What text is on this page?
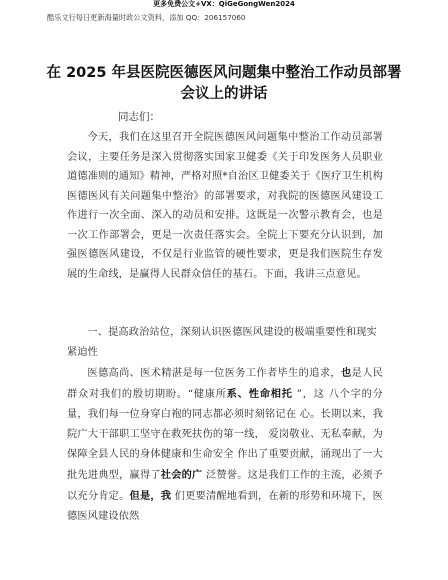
更多免费公文+VX：QiGeGongWen2024
酷乐文行每日更新海量时政公文资料，添加 QQ：206157060
在 2025 年县医院医德医风问题集中整治工作动员部署会议上的讲话
同志们：
今天，我们在这里召开全院医德医风问题集中整治工作动员部署会议，主要任务是深入贯彻落实国家卫健委《关于印发医务人员职业道德准则的通知》精神，严格对照*自治区卫健委关于《医疗卫生机构医德医风有关问题集中整治》的部署要求，对我院的医德医风建设工作进行一次全面、深入的动员和安排。这既是一次警示教育会，也是一次工作部署会，更是一次责任落实会。全院上下要充分认识到，加强医德医风建设，不仅是行业监管的硬性要求，更是我们医院生存发展的生命线，是赢得人民群众信任的基石。下面，我讲三点意见。
一、提高政治站位，深刻认识医德医风建设的极端重要性和现实紧迫性
医德高尚、医术精湛是每一位医务工作者毕生的追求，也是人民群众对我们的殷切期盼。“健康所系、性命相托 ”，这 八个字的分量，我们每一位身穿白袍的同志都必须时刻铭记在 心。长期以来，我院广大干部职工坚守在救死扶伤的第一线， 爱岗敬业、无私奉献，为保障全县人民的身体健康和生命安全 作出了重要贡献，涌现出了一大批先进典型，赢得了社会的广 泛赞誉。这是我们工作的主流，必须予以充分肯定。但是，我 们更要清醒地看到，在新的形势和环境下，医德医风建设依然
